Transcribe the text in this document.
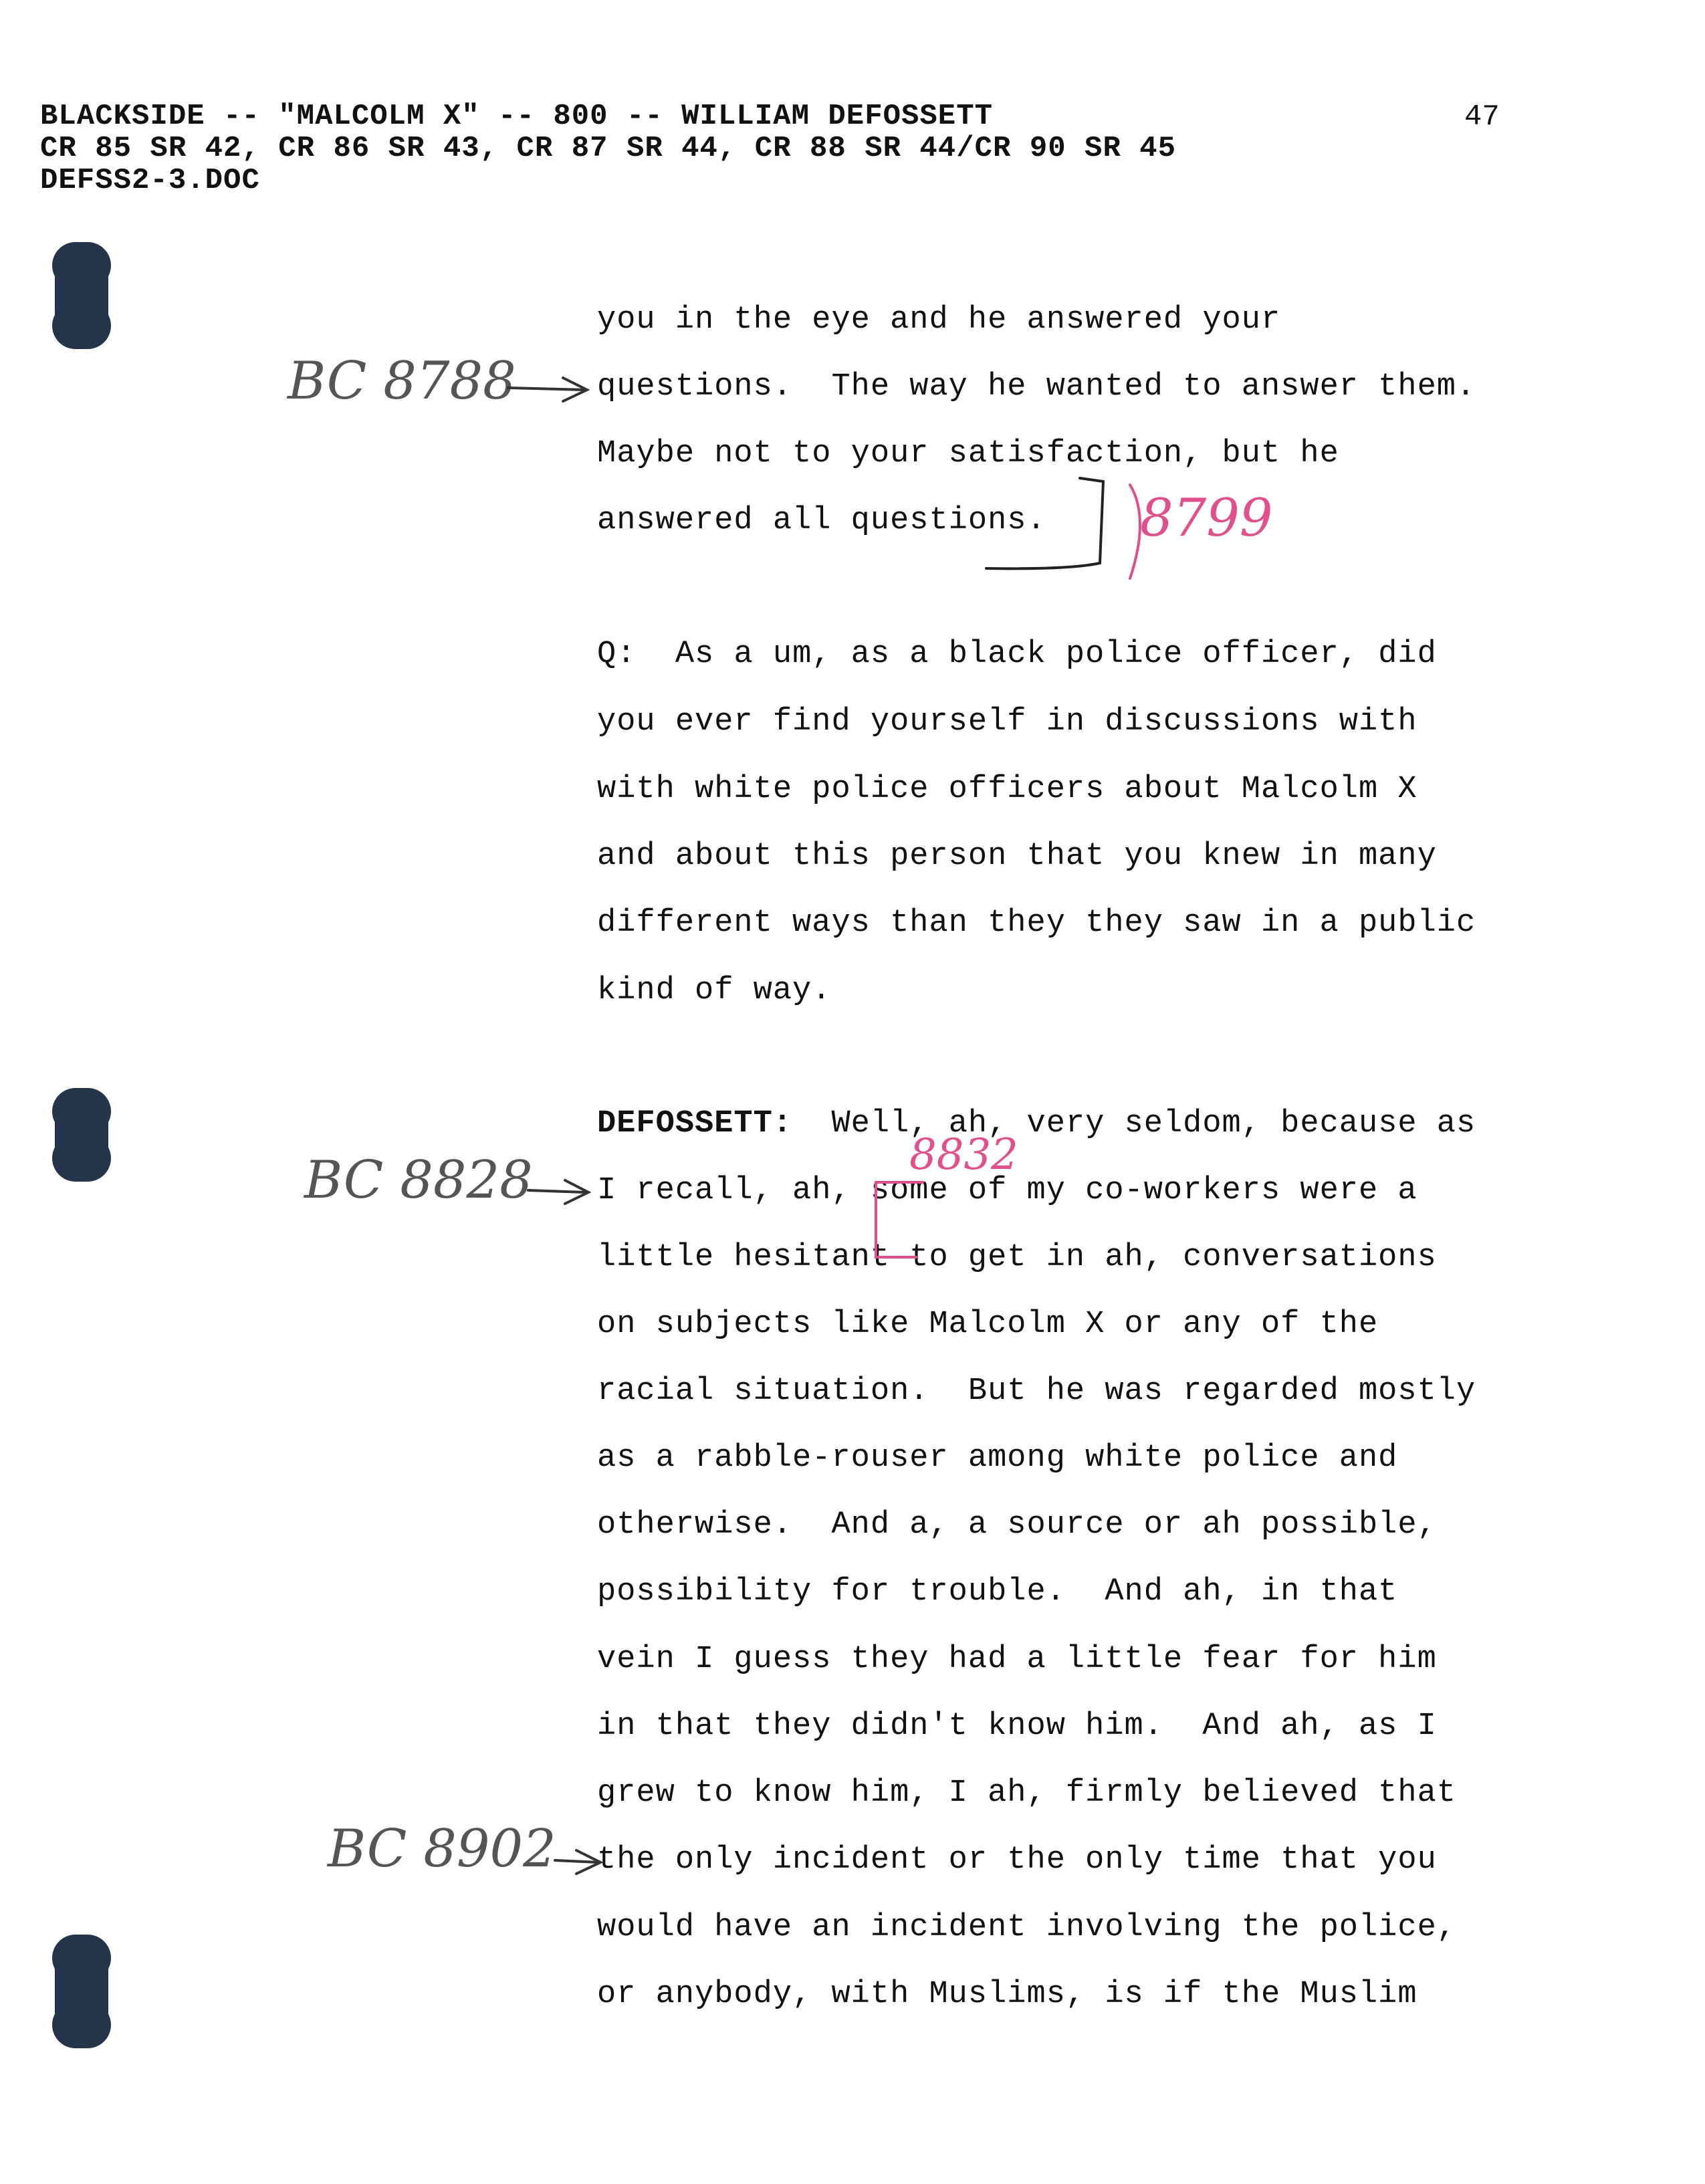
BLACKSIDE -- "MALCOLM X" -- 800 -- WILLIAM DEFOSSETT
CR 85 SR 42, CR 86 SR 43, CR 87 SR 44, CR 88 SR 44/CR 90 SR 45
DEFSS2-3.DOC
47
you in the eye and he answered your
questions.  The way he wanted to answer them.
Maybe not to your satisfaction, but he
answered all questions.
Q: As a um, as a black police officer, did
you ever find yourself in discussions with
with white police officers about Malcolm X
and about this person that you knew in many
different ways than they they saw in a public
kind of way.
DEFOSSETT: Well, ah, very seldom, because as
I recall, ah, some of my co-workers were a
little hesitant to get in ah, conversations
on subjects like Malcolm X or any of the
racial situation.  But he was regarded mostly
as a rabble-rouser among white police and
otherwise.  And a, a source or ah possible,
possibility for trouble.  And ah, in that
vein I guess they had a little fear for him
in that they didn't know him.  And ah, as I
grew to know him, I ah, firmly believed that
the only incident or the only time that you
would have an incident involving the police,
or anybody, with Muslims, is if the Muslim
BC 8788
8799
BC 8828	8832
BC 8902
